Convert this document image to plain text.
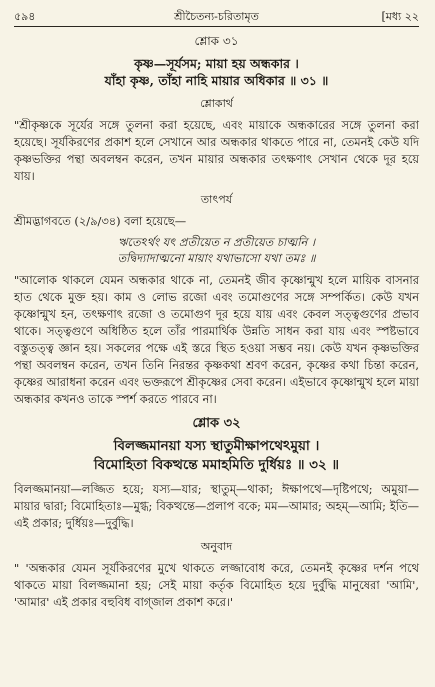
৫৯৪	শ্রীচৈতন্য-চরিতামৃত	[মধ্য ২২
শ্লোক ৩১
কৃষ্ণ—সূর্যসম; মায়া হয় অন্ধকার ।
যাঁহা কৃষ্ণ, তাঁহা নাহি মায়ার অধিকার ॥ ৩১ ॥
শ্লোকার্থ

"শ্রীকৃষ্ণকে সূর্যের সঙ্গে তুলনা করা হয়েছে, এবং মায়াকে অন্ধকারের সঙ্গে তুলনা করা হয়েছে। সূর্যকিরণের প্রকাশ হলে সেখানে আর অন্ধকার থাকতে পারে না, তেমনই কেউ যদি কৃষ্ণভক্তির পন্থা অবলম্বন করেন, তখন মায়ার অন্ধকার তৎক্ষণাৎ সেখান থেকে দূর হয়ে যায়।

তাৎপর্য
শ্রীমদ্ভাগবতে (২/৯/৩৪) বলা হয়েছে—
ঋতেঽর্থং যৎ প্রতীয়েত ন প্রতীয়েত চাত্মনি ।
তদ্বিদ্যাদাত্মনো মায়াং যথাভাসো যথা তমঃ ॥

"আলোক থাকলে যেমন অন্ধকার থাকে না, তেমনই জীব কৃষ্ণোন্মুখ হলে মায়িক বাসনার হাত থেকে মুক্ত হয়। কাম ও লোভ রজো এবং তমোগুণের সঙ্গে সম্পর্কিত। কেউ যখন কৃষ্ণোন্মুখ হন, তৎক্ষণাৎ রজো ও তমোগুণ দূর হয়ে যায় এবং কেবল সত্ত্বগুণের প্রভাব থাকে। সত্ত্বগুণে অধিষ্ঠিত হলে তাঁর পারমার্থিক উন্নতি সাধন করা যায় এবং স্পষ্টভাবে বস্তুতত্ত্ব জ্ঞান হয়। সকলের পক্ষে এই স্তরে স্থিত হওয়া সম্ভব নয়। কেউ যখন কৃষ্ণভক্তির পন্থা অবলম্বন করেন, তখন তিনি নিরন্তর কৃষ্ণকথা শ্রবণ করেন, কৃষ্ণের কথা চিন্তা করেন, কৃষ্ণের আরাধনা করেন এবং ভক্তরূপে শ্রীকৃষ্ণের সেবা করেন। এইভাবে কৃষ্ণোন্মুখ হলে মায়া অন্ধকার কখনও তাকে স্পর্শ করতে পারবে না।

শ্লোক ৩২
বিলজ্জমানয়া যস্য স্থাতুমীক্ষাপথেঽমুয়া ।
বিমোহিতা বিকত্থন্তে মমাহমিতি দুর্ধিয়ঃ ॥ ৩২ ॥

বিলজ্জমানয়া—লজ্জিত হয়ে; যস্য—যার; স্থাতুম্—থাকা; ঈক্ষাপথে—দৃষ্টিপথে; অমুয়া—মায়ার দ্বারা; বিমোহিতাঃ—মুগ্ধ; বিকত্থন্তে—প্রলাপ বকে; মম—আমার; অহম্—আমি; ইতি—এই প্রকার; দুর্ধিয়ঃ—দুর্বুদ্ধি।

অনুবাদ

" 'অন্ধকার যেমন সূর্যকিরণের মুখে থাকতে লজ্জাবোধ করে, তেমনই কৃষ্ণের দর্শন পথে থাকতে মায়া বিলজ্জমানা হয়; সেই মায়া কর্তৃক বিমোহিত হয়ে দুর্বুদ্ধি মানুষেরা 'আমি', 'আমার' এই প্রকার বহুবিধ বাগ্জাল প্রকাশ করে।'
